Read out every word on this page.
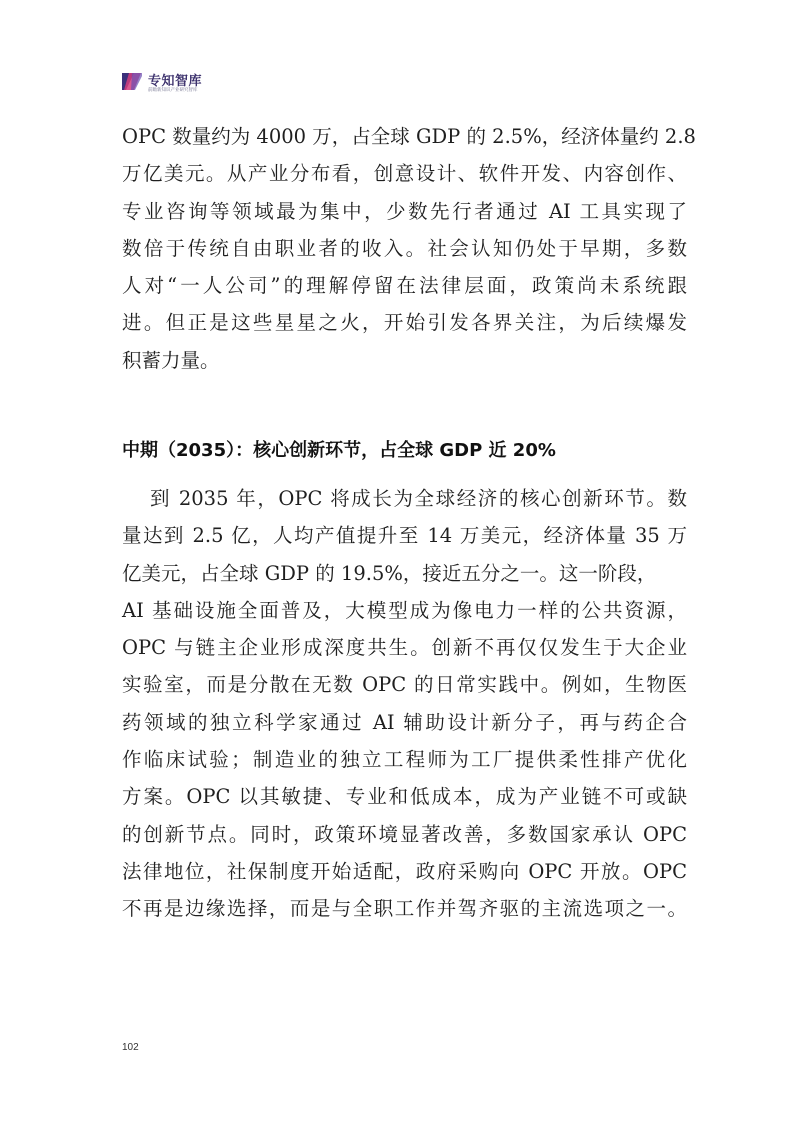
专知智库
前瞻新知识产业研究智库
OPC 数量约为 4000 万，占全球 GDP 的 2.5%，经济体量约 2.8
万亿美元。从产业分布看，创意设计、软件开发、内容创作、
专业咨询等领域最为集中，少数先行者通过 AI 工具实现了
数倍于传统自由职业者的收入。社会认知仍处于早期，多数
人对“一人公司”的理解停留在法律层面，政策尚未系统跟
进。但正是这些星星之火，开始引发各界关注，为后续爆发
积蓄力量。
中期（2035）：核心创新环节，占全球 GDP 近 20%
到 2035 年，OPC 将成长为全球经济的核心创新环节。数
量达到 2.5 亿，人均产值提升至 14 万美元，经济体量 35 万
亿美元，占全球 GDP 的 19.5%，接近五分之一。这一阶段，
AI 基础设施全面普及，大模型成为像电力一样的公共资源，
OPC 与链主企业形成深度共生。创新不再仅仅发生于大企业
实验室，而是分散在无数 OPC 的日常实践中。例如，生物医
药领域的独立科学家通过 AI 辅助设计新分子，再与药企合
作临床试验；制造业的独立工程师为工厂提供柔性排产优化
方案。OPC 以其敏捷、专业和低成本，成为产业链不可或缺
的创新节点。同时，政策环境显著改善，多数国家承认 OPC
法律地位，社保制度开始适配，政府采购向 OPC 开放。OPC
不再是边缘选择，而是与全职工作并驾齐驱的主流选项之一。
102
